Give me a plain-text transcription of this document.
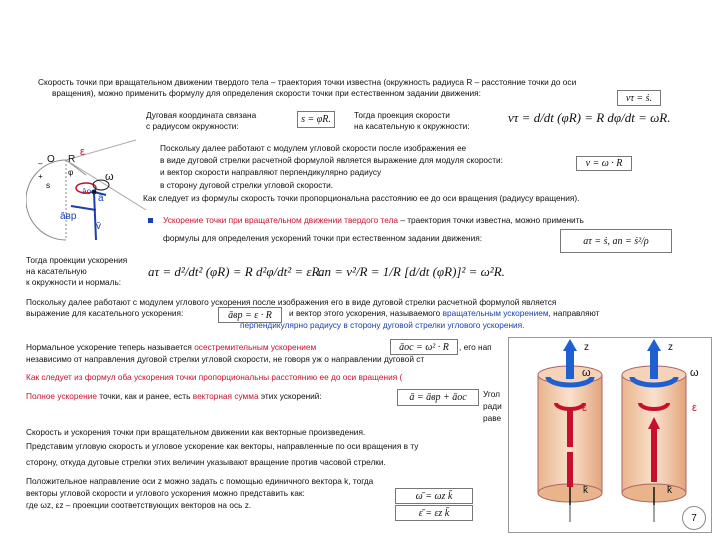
Скорость точки при вращательном движении твердого тела – траектория точки известна (окружность радиуса R – расстояние точки до оси
вращения), можно применить формулу для определения скорости точки при естественном задании движения:	vτ = ṡ.
Дуговая координата связана
с радиусом окружности:
s = φR.	Тогда проекция скорости
на касательную к окружности:
vτ = d/dt (φR) = R dφ/dt = ωR.
Поскольку далее работают с модулем угловой скорости после изображения ее
в виде дуговой стрелки расчетной формулой является выражение для модуля скорости:	v = ω · R
и вектор скорости направляют перпендикулярно радиусу
в сторону дуговой стрелки угловой скорости.
Как следует из формулы скорость точки пропорциональна расстоянию ее до оси вращения (радиусу вращения).
– O R
ε
ω
+
s
φ
āос
ā
āвр
v̄
Ускорение точки при вращательном движении твердого тела – траектория точки известна, можно применить
формулы для определения ускорений точки при естественном задании движения:	aτ = ṡ, an = ṡ²/ρ
Тогда проекции ускорения
на касательную
к окружности и нормаль:
aτ = d²/dt² (φR) = R d²φ/dt² = εR.
an = v²/R = 1/R [d/dt (φR)]² = ω²R.
Поскольку далее работают с модулем углового ускорения после изображения его в виде дуговой стрелки расчетной формулой является
выражение для касательного ускорения:	āвр = ε · R	и вектор этого ускорения, называемого вращательным ускорением, направляют
перпендикулярно радиусу в сторону дуговой стрелки углового ускорения.
Нормальное ускорение теперь называется осестремительным ускорением	āос = ω² · R	, его нап
независимо от направления дуговой стрелки угловой скорости, не говоря уж о направлении дуговой ст
Как следует из формул оба ускорения точки пропорциональны расстоянию ее до оси вращения (
Полное ускорение точки, как и ранее, есть векторная сумма этих ускорений:	ā = āвр + āос	Угол
ради
раве
Скорость и ускорения точки при вращательном движении как векторные произведения.
Представим угловую скорость и угловое ускорение как векторы, направленные по оси вращения в ту
сторону, откуда дуговые стрелки этих величин указывают вращение против часовой стрелки.
Положительное направление оси z можно задать с помощью единичного вектора k, тогда
векторы угловой скорости и углового ускорения можно представить как:
где ωz, εz – проекции соответствующих векторов на ось z.
ω̄ = ωz k̄
ε̄ = εz k̄
z	z
ω	ω
ε	ε
k̄	k̄
7
